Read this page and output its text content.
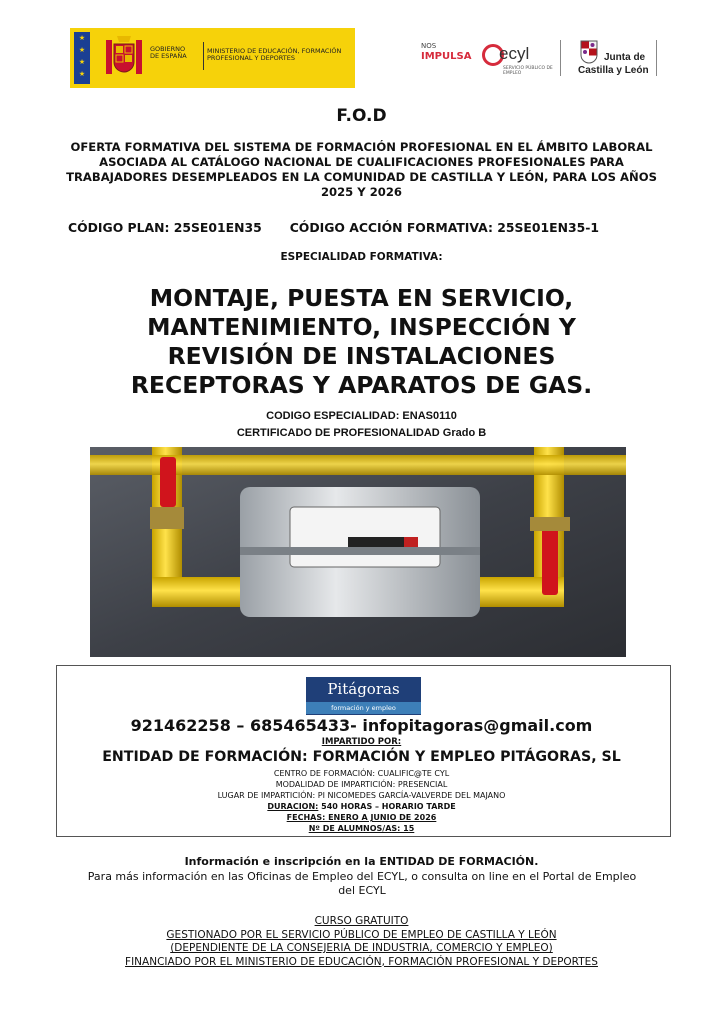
★
★
★
★
GOBIERNO
DE ESPAÑA
MINISTERIO DE EDUCACIÓN, FORMACIÓN PROFESIONAL Y DEPORTES
NOS
IMPULSA ecyl
SERVICIO PÚBLICO DE EMPLEO
Junta de
Castilla y León
F.O.D
OFERTA FORMATIVA DEL SISTEMA DE FORMACIÓN PROFESIONAL EN EL ÁMBITO LABORAL ASOCIADA AL CATÁLOGO NACIONAL DE CUALIFICACIONES PROFESIONALES PARA TRABAJADORES DESEMPLEADOS EN LA COMUNIDAD DE CASTILLA Y LEÓN, PARA LOS AÑOS 2025 Y 2026
CÓDIGO PLAN: 25SE01EN35 CÓDIGO ACCIÓN FORMATIVA: 25SE01EN35-1
ESPECIALIDAD FORMATIVA:
MONTAJE, PUESTA EN SERVICIO, MANTENIMIENTO, INSPECCIÓN Y REVISIÓN DE INSTALACIONES RECEPTORAS Y APARATOS DE GAS.
CODIGO ESPECIALIDAD: ENAS0110
CERTIFICADO DE PROFESIONALIDAD Grado B
Pitágoras
formación y empleo
921462258 – 685465433- infopitagoras@gmail.com
IMPARTIDO POR:
ENTIDAD DE FORMACIÓN: FORMACIÓN Y EMPLEO PITÁGORAS, SL
CENTRO DE FORMACIÓN: CUALIFIC@TE CYL
MODALIDAD DE IMPARTICIÓN: PRESENCIAL
LUGAR DE IMPARTICIÓN: PI NICOMEDES GARCÍA-VALVERDE DEL MAJANO
DURACION: 540 HORAS – HORARIO TARDE
FECHAS: ENERO A JUNIO DE 2026
Nº DE ALUMNOS/AS: 15
Información e inscripción en la ENTIDAD DE FORMACIÓN.
Para más información en las Oficinas de Empleo del ECYL, o consulta on line en el Portal de Empleo del ECYL
CURSO GRATUITO
GESTIONADO POR EL SERVICIO PÚBLICO DE EMPLEO DE CASTILLA Y LEÓN
(DEPENDIENTE DE LA CONSEJERIA DE INDUSTRIA, COMERCIO Y EMPLEO)
FINANCIADO POR EL MINISTERIO DE EDUCACIÓN, FORMACIÓN PROFESIONAL Y DEPORTES
